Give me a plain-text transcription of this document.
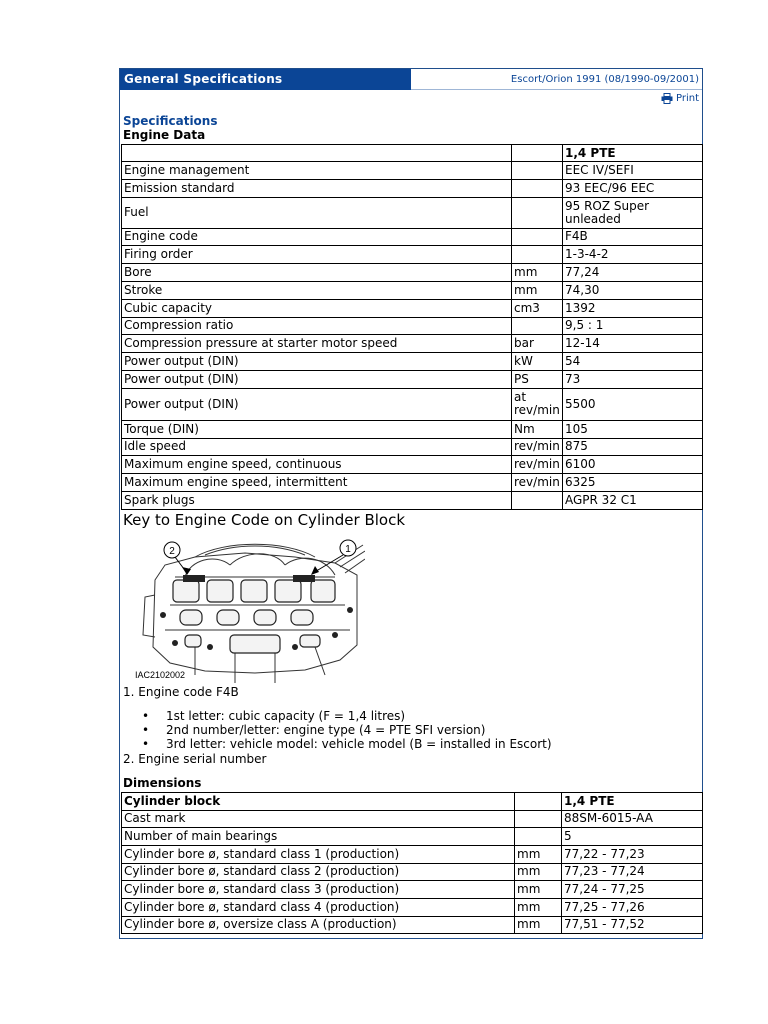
General Specifications	Escort/Orion 1991 (08/1990-09/2001)
Print
Specifications
Engine Data
		1,4 PTE
Engine management		EEC IV/SEFI
Emission standard		93 EEC/96 EEC
Fuel		95 ROZ Super unleaded
Engine code		F4B
Firing order		1-3-4-2
Bore	mm	77,24
Stroke	mm	74,30
Cubic capacity	cm3	1392
Compression ratio		9,5 : 1
Compression pressure at starter motor speed	bar	12-14
Power output (DIN)	kW	54
Power output (DIN)	PS	73
Power output (DIN)	at rev/min	5500
Torque (DIN)	Nm	105
Idle speed	rev/min	875
Maximum engine speed, continuous	rev/min	6100
Maximum engine speed, intermittent	rev/min	6325
Spark plugs		AGPR 32 C1
Key to Engine Code on Cylinder Block
2	1
IAC2102002
1. Engine code F4B
• 1st letter: cubic capacity (F = 1,4 litres)
• 2nd number/letter: engine type (4 = PTE SFI version)
• 3rd letter: vehicle model: vehicle model (B = installed in Escort)
2. Engine serial number
Dimensions
Cylinder block		1,4 PTE
Cast mark		88SM-6015-AA
Number of main bearings		5
Cylinder bore ø, standard class 1 (production)	mm	77,22 - 77,23
Cylinder bore ø, standard class 2 (production)	mm	77,23 - 77,24
Cylinder bore ø, standard class 3 (production)	mm	77,24 - 77,25
Cylinder bore ø, standard class 4 (production)	mm	77,25 - 77,26
Cylinder bore ø, oversize class A (production)	mm	77,51 - 77,52
